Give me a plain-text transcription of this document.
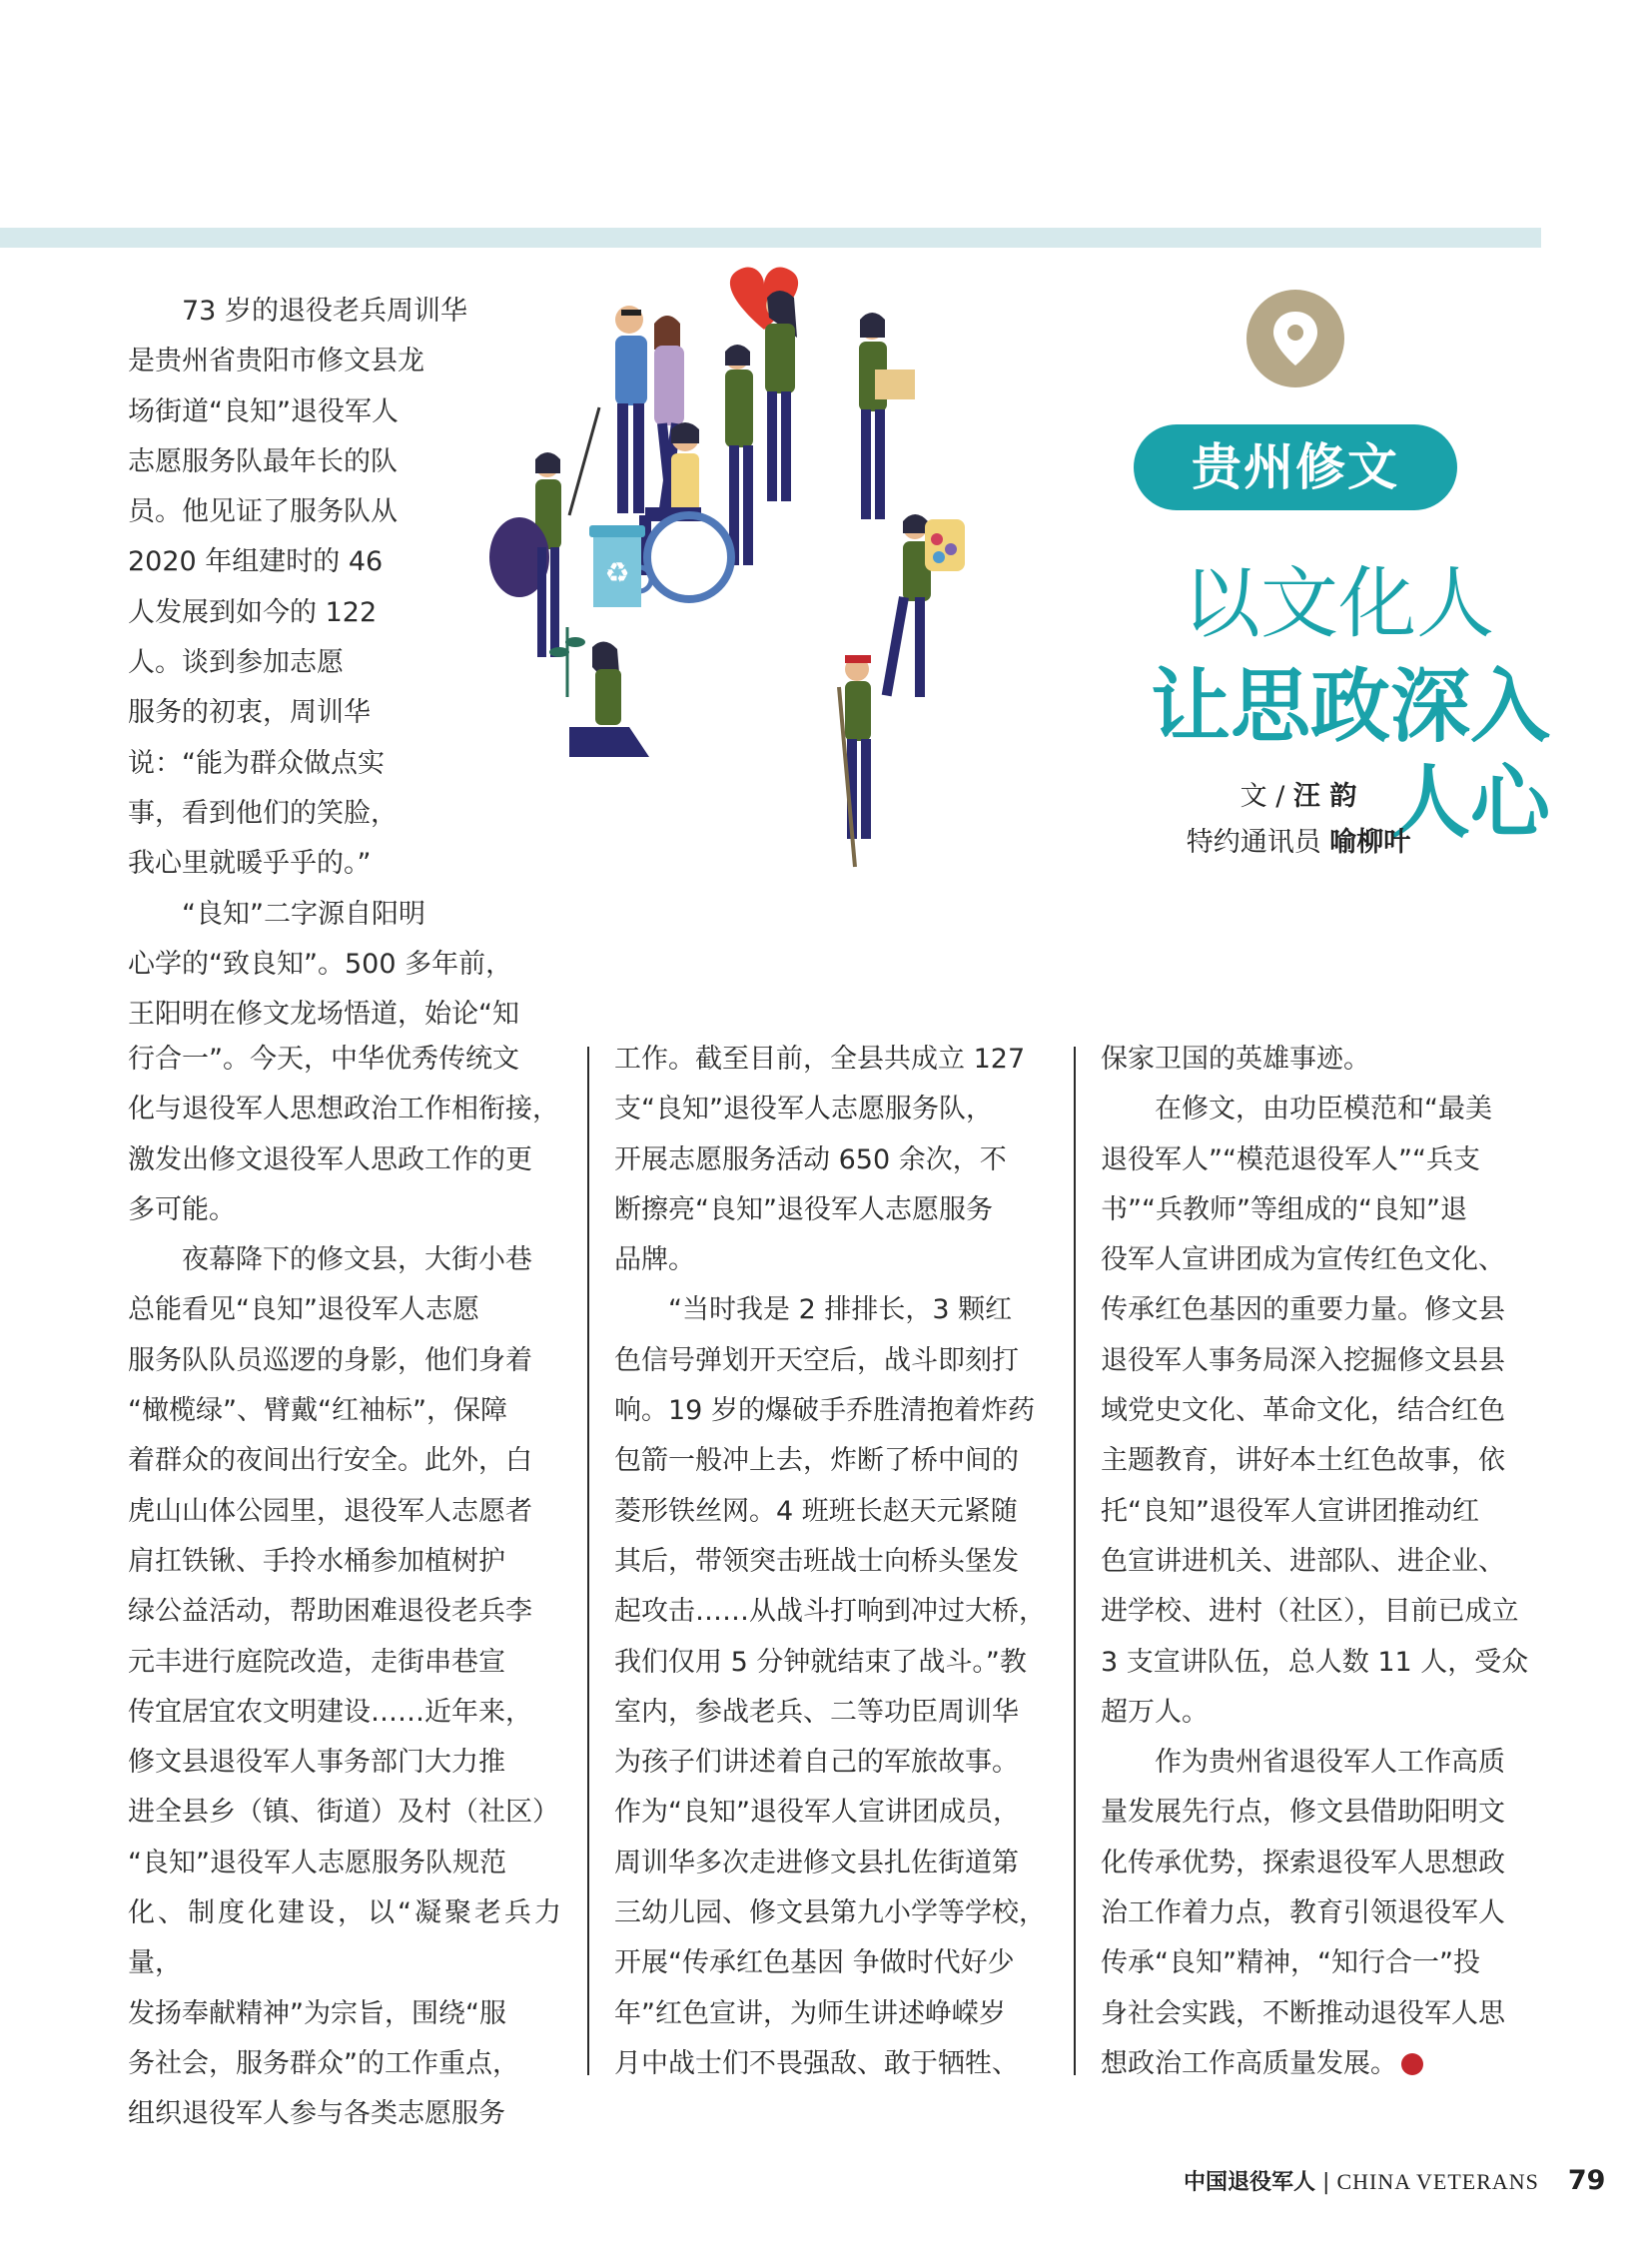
♻
贵州修文
以文化人
让思政深入人心
文 / 汪 韵
特约通讯员 喻柳叶

73 岁的退役老兵周训华

是贵州省贵阳市修文县龙

场街道“良知”退役军人

志愿服务队最年长的队

员。他见证了服务队从

2020 年组建时的 46

人发展到如今的 122

人。谈到参加志愿

服务的初衷，周训华

说：“能为群众做点实

事，看到他们的笑脸，

我心里就暖乎乎的。”

“良知”二字源自阳明

心学的“致良知”。500 多年前，

王阳明在修文龙场悟道，始论“知

行合一”。今天，中华优秀传统文

化与退役军人思想政治工作相衔接，

激发出修文退役军人思政工作的更

多可能。

夜幕降下的修文县，大街小巷

总能看见“良知”退役军人志愿

服务队队员巡逻的身影，他们身着

“橄榄绿”、臂戴“红袖标”，保障

着群众的夜间出行安全。此外，白

虎山山体公园里，退役军人志愿者

肩扛铁锹、手拎水桶参加植树护

绿公益活动，帮助困难退役老兵李

元丰进行庭院改造，走街串巷宣

传宜居宜农文明建设……近年来，

修文县退役军人事务部门大力推

进全县乡（镇、街道）及村（社区）

“良知”退役军人志愿服务队规范

化、制度化建设，以“凝聚老兵力量，

发扬奉献精神”为宗旨，围绕“服

务社会，服务群众”的工作重点，

组织退役军人参与各类志愿服务

工作。截至目前，全县共成立 127

支“良知”退役军人志愿服务队，

开展志愿服务活动 650 余次，不

断擦亮“良知”退役军人志愿服务

品牌。

“当时我是 2 排排长，3 颗红

色信号弹划开天空后，战斗即刻打

响。19 岁的爆破手乔胜清抱着炸药

包箭一般冲上去，炸断了桥中间的

菱形铁丝网。4 班班长赵天元紧随

其后，带领突击班战士向桥头堡发

起攻击……从战斗打响到冲过大桥，

我们仅用 5 分钟就结束了战斗。”教

室内，参战老兵、二等功臣周训华

为孩子们讲述着自己的军旅故事。

作为“良知”退役军人宣讲团成员，

周训华多次走进修文县扎佐街道第

三幼儿园、修文县第九小学等学校，

开展“传承红色基因 争做时代好少

年”红色宣讲，为师生讲述峥嵘岁

月中战士们不畏强敌、敢于牺牲、

保家卫国的英雄事迹。

在修文，由功臣模范和“最美

退役军人”“模范退役军人”“兵支

书”“兵教师”等组成的“良知”退

役军人宣讲团成为宣传红色文化、

传承红色基因的重要力量。修文县

退役军人事务局深入挖掘修文县县

域党史文化、革命文化，结合红色

主题教育，讲好本土红色故事，依

托“良知”退役军人宣讲团推动红

色宣讲进机关、进部队、进企业、

进学校、进村（社区），目前已成立

3 支宣讲队伍，总人数 11 人，受众

超万人。

作为贵州省退役军人工作高质

量发展先行点，修文县借助阳明文

化传承优势，探索退役军人思想政

治工作着力点，教育引领退役军人

传承“良知”精神，“知行合一”投

身社会实践，不断推动退役军人思

想政治工作高质量发展。

中国退役军人 | CHINA VETERANS 79
